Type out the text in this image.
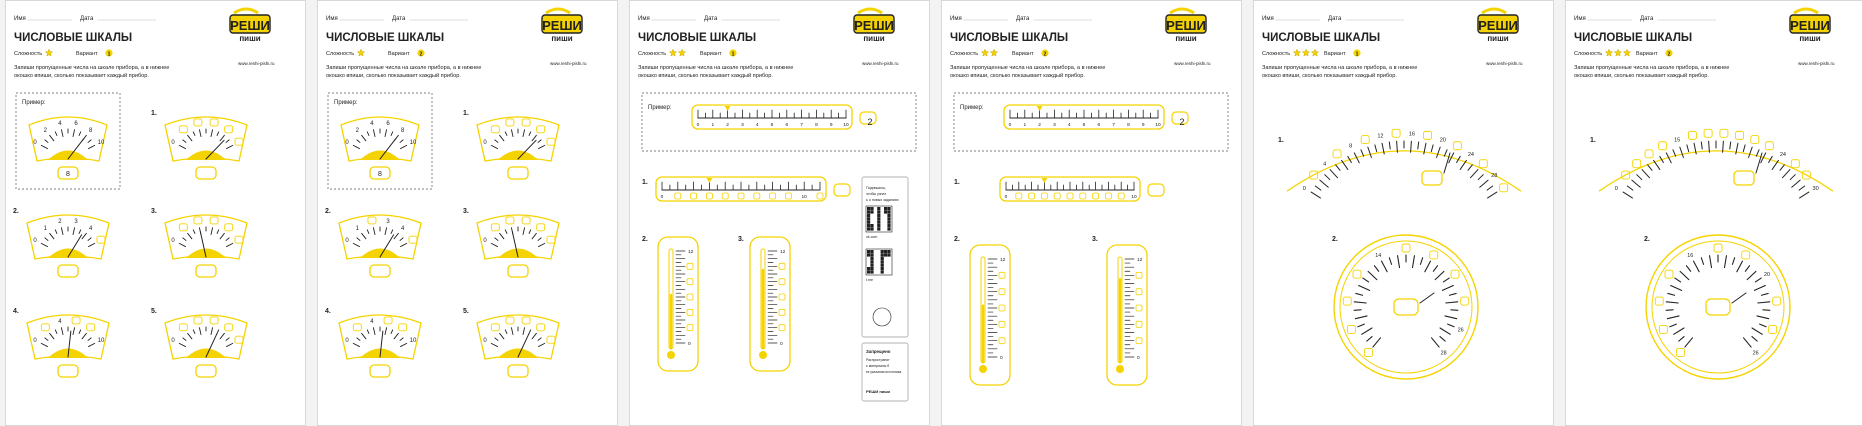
Имя	Дата	РЕШИ
пиши
ЧИСЛОВЫЕ ШКАЛЫ
Сложность	Вариант 1
www.reshi-pishi.ru
Запиши пропущенные числа на шкале прибора, а в нижнее
окошко впиши, сколько показывает каждый прибор.
Пример:
0
2
4 6
8
10
8
1.
0
2.
0
1
2 3
4
3.
0
4.
0
4
10
5.
0
Имя	Дата	РЕШИ
пиши
ЧИСЛОВЫЕ ШКАЛЫ
Сложность	Вариант 2
www.reshi-pishi.ru
Запиши пропущенные числа на шкале прибора, а в нижнее
окошко впиши, сколько показывает каждый прибор.
Пример:
0
2
4 6
8
10
8
1.
0
2.
0
1
3
4
3.
0
4.
0
4
10
5.
0
Имя	Дата	РЕШИ
пиши
ЧИСЛОВЫЕ ШКАЛЫ
Сложность	Вариант 1
www.reshi-pishi.ru
Запиши пропущенные числа на шкале прибора, а в нижнее
окошко впиши, сколько показывает каждый прибор.
Пример:
0	1	2	3	4	5	6	7	8	9 10 2
1.
0	10
2.
0
12
3.
0
12
Подпишись,
чтобы узнат
ь о новых заданиях
vk.com
t.me
Запрещено
Распространят
ь материалы б
ез указания источника
РЕШИ пиши
Имя	Дата	РЕШИ
пиши
ЧИСЛОВЫЕ ШКАЛЫ
Сложность	Вариант 2
www.reshi-pishi.ru
Запиши пропущенные числа на шкале прибора, а в нижнее
окошко впиши, сколько показывает каждый прибор.
Пример:
0	1	2	3	4	5	6	7	8	9 10 2
1.
0	10
2.
0
12
3.
0
12
Имя	Дата	РЕШИ
пиши
ЧИСЛОВЫЕ ШКАЛЫ
Сложность	Вариант 1
www.reshi-pishi.ru
Запиши пропущенные числа на шкале прибора, а в нижнее
окошко впиши, сколько показывает каждый прибор.
1.
0
4
8
12	16
20
24
28
2.
14
26
28
Имя	Дата	РЕШИ
пиши
ЧИСЛОВЫЕ ШКАЛЫ
Сложность	Вариант 2
www.reshi-pishi.ru
Запиши пропущенные числа на шкале прибора, а в нижнее
окошко впиши, сколько показывает каждый прибор.
1.
0
15
24
30
2.
16
20
26
